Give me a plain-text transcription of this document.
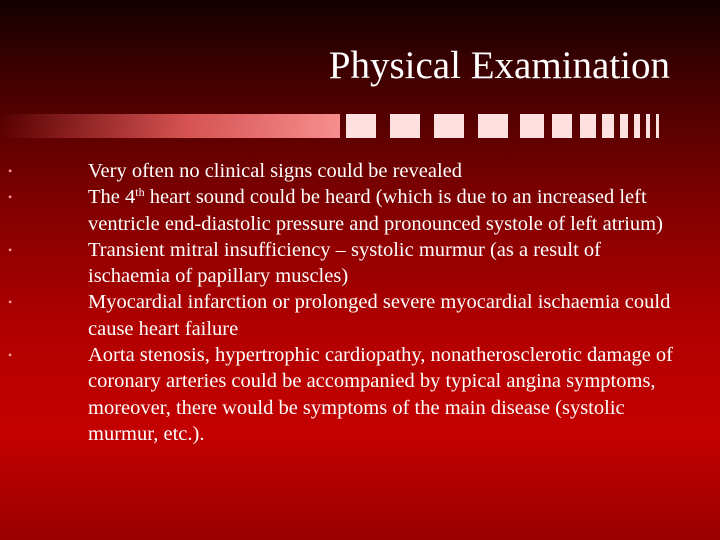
Physical Examination
•	Very often no clinical signs could be revealed
•	The 4th heart sound could be heard (which is due to an increased left ventricle end-diastolic pressure and pronounced systole of left atrium)
•	Transient mitral insufficiency – systolic murmur (as a result of ischaemia of papillary muscles)
•	Myocardial infarction or prolonged severe myocardial ischaemia could cause heart failure
•	Aorta stenosis, hypertrophic cardiopathy, nonatherosclerotic damage of coronary arteries could be accompanied by typical angina symptoms, moreover, there would be symptoms of the main disease (systolic murmur, etc.).
